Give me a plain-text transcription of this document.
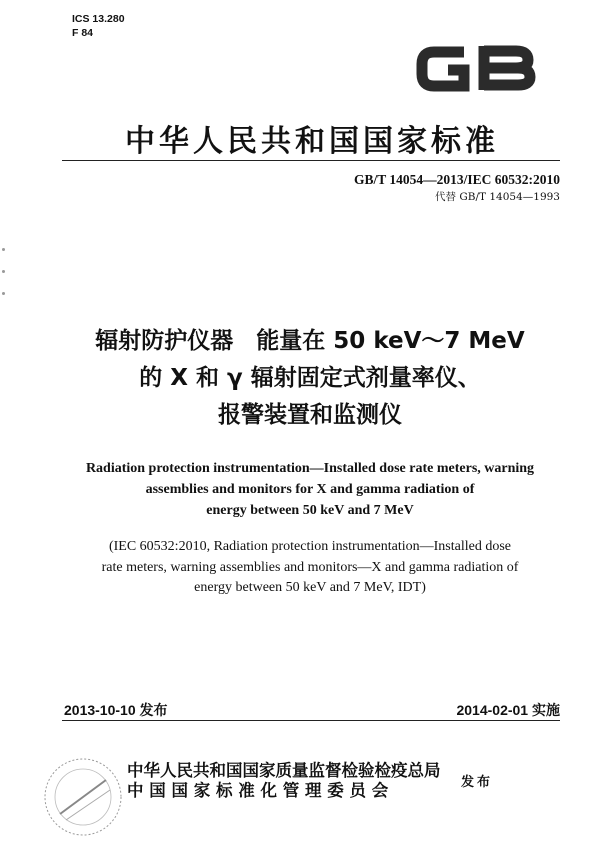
ICS 13.280
F 84
中华人民共和国国家标准
GB/T 14054—2013/IEC 60532:2010
代替 GB/T 14054—1993
辐射防护仪器　能量在 50 keV～7 MeV
的 X 和 γ 辐射固定式剂量率仪、
报警装置和监测仪
Radiation protection instrumentation—Installed dose rate meters, warning
assemblies and monitors for X and gamma radiation of
energy between 50 keV and 7 MeV
(IEC 60532:2010, Radiation protection instrumentation—Installed dose
rate meters, warning assemblies and monitors—X and gamma radiation of
energy between 50 keV and 7 MeV, IDT)
2013-10-10 发布	2014-02-01 实施
中华人民共和国国家质量监督检验检疫总局
中 国 国 家 标 准 化 管 理 委 员 会	发布
